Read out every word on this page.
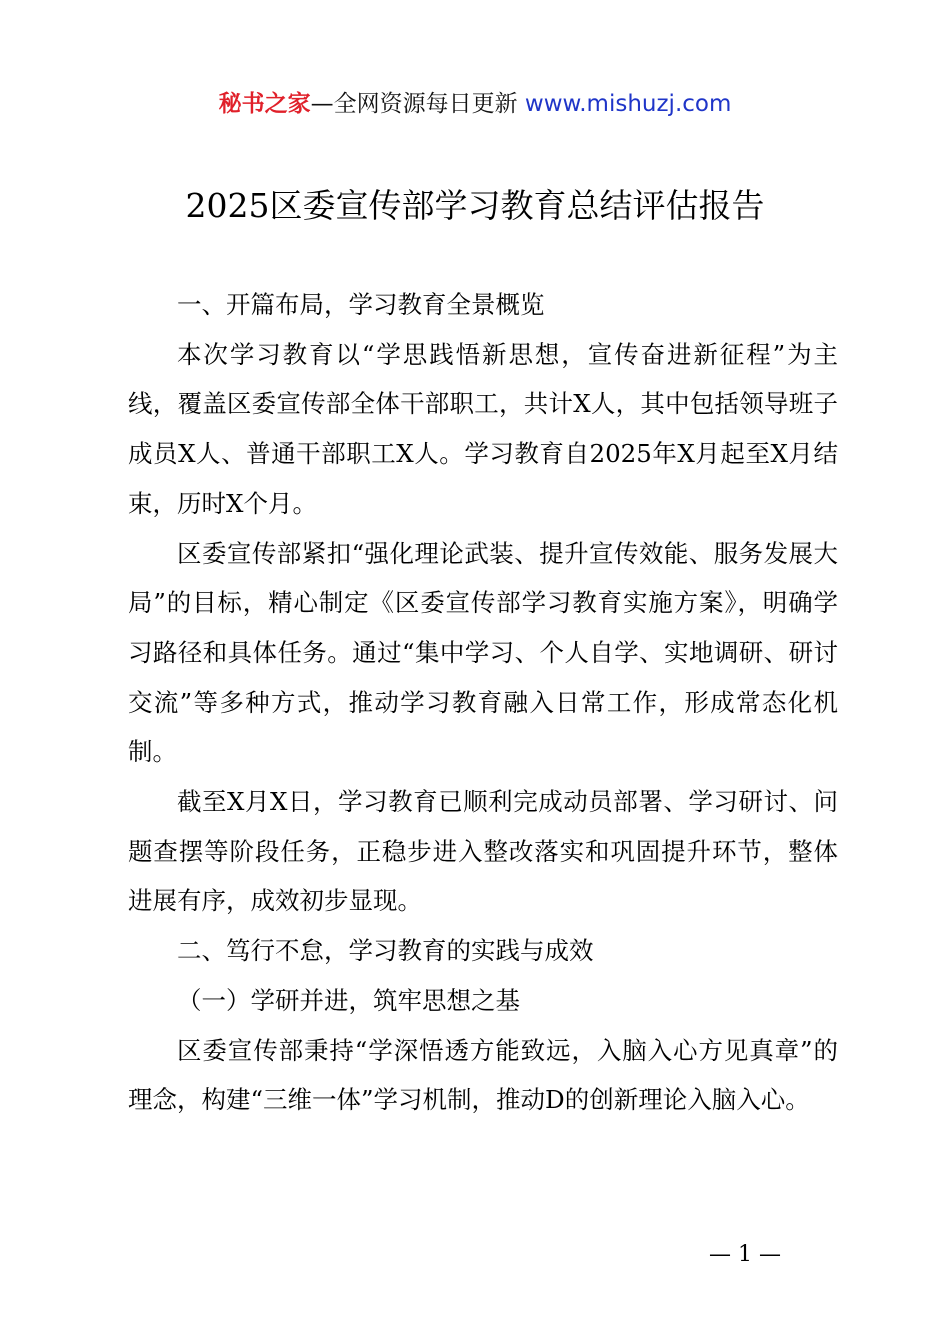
秘书之家—全网资源每日更新 www.mishuzj.com
2025区委宣传部学习教育总结评估报告

一、开篇布局，学习教育全景概览

本次学习教育以“学思践悟新思想，宣传奋进新征程”为主线，覆盖区委宣传部全体干部职工，共计X人，其中包括领导班子成员X人、普通干部职工X人。学习教育自2025年X月起至X月结束，历时X个月。

区委宣传部紧扣“强化理论武装、提升宣传效能、服务发展大局”的目标，精心制定《区委宣传部学习教育实施方案》，明确学习路径和具体任务。通过“集中学习、个人自学、实地调研、研讨交流”等多种方式，推动学习教育融入日常工作，形成常态化机制。

截至X月X日，学习教育已顺利完成动员部署、学习研讨、问题查摆等阶段任务，正稳步进入整改落实和巩固提升环节，整体进展有序，成效初步显现。

二、笃行不怠，学习教育的实践与成效

（一）学研并进，筑牢思想之基

区委宣传部秉持“学深悟透方能致远，入脑入心方见真章”的理念，构建“三维一体”学习机制，推动D的创新理论入脑入心。

— 1 —
